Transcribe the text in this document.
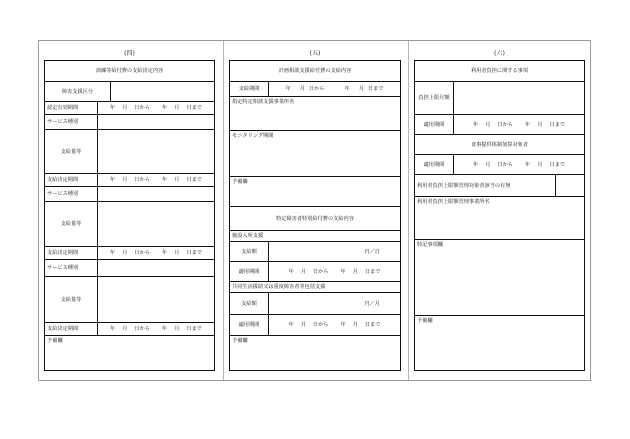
(四)
訓練等給付費の支給決定内容
障害支援区分
認定有効期間	年 月 日から 年 月 日まで
サービス種別
支給量等
支給決定期間	年 月 日から 年 月 日まで
サービス種別
支給量等
支給決定期間	年 月 日から 年 月 日まで
サービス種別
支給量等
支給決定期間	年 月 日から 年 月 日まで
予備欄
(五)
計画相談支援給付費の支給内容
支給期間	年 月 日から	年 月 日まで
指定特定相談支援事業所名
モニタリング期間
予備欄
特定障害者特別給付費の支給内容
施設入所支援
支給額	円／日
適用期間	年 月 日から 年 月 日まで
共同生活援助又は重度障害者等包括支援
支給額	円／月
適用期間	年 月 日から 年 月 日まで
予備欄
(六)
利用者負担に関する事項
負担上限月額
適用期間	年 月 日から 年 月 日まで
食事提供体制加算対象者
適用期間	年 月 日から 年 月 日まで
利用者負担上限額管理対象者該当の有無
利用者負担上限額管理事業所名
特記事項欄
予備欄
